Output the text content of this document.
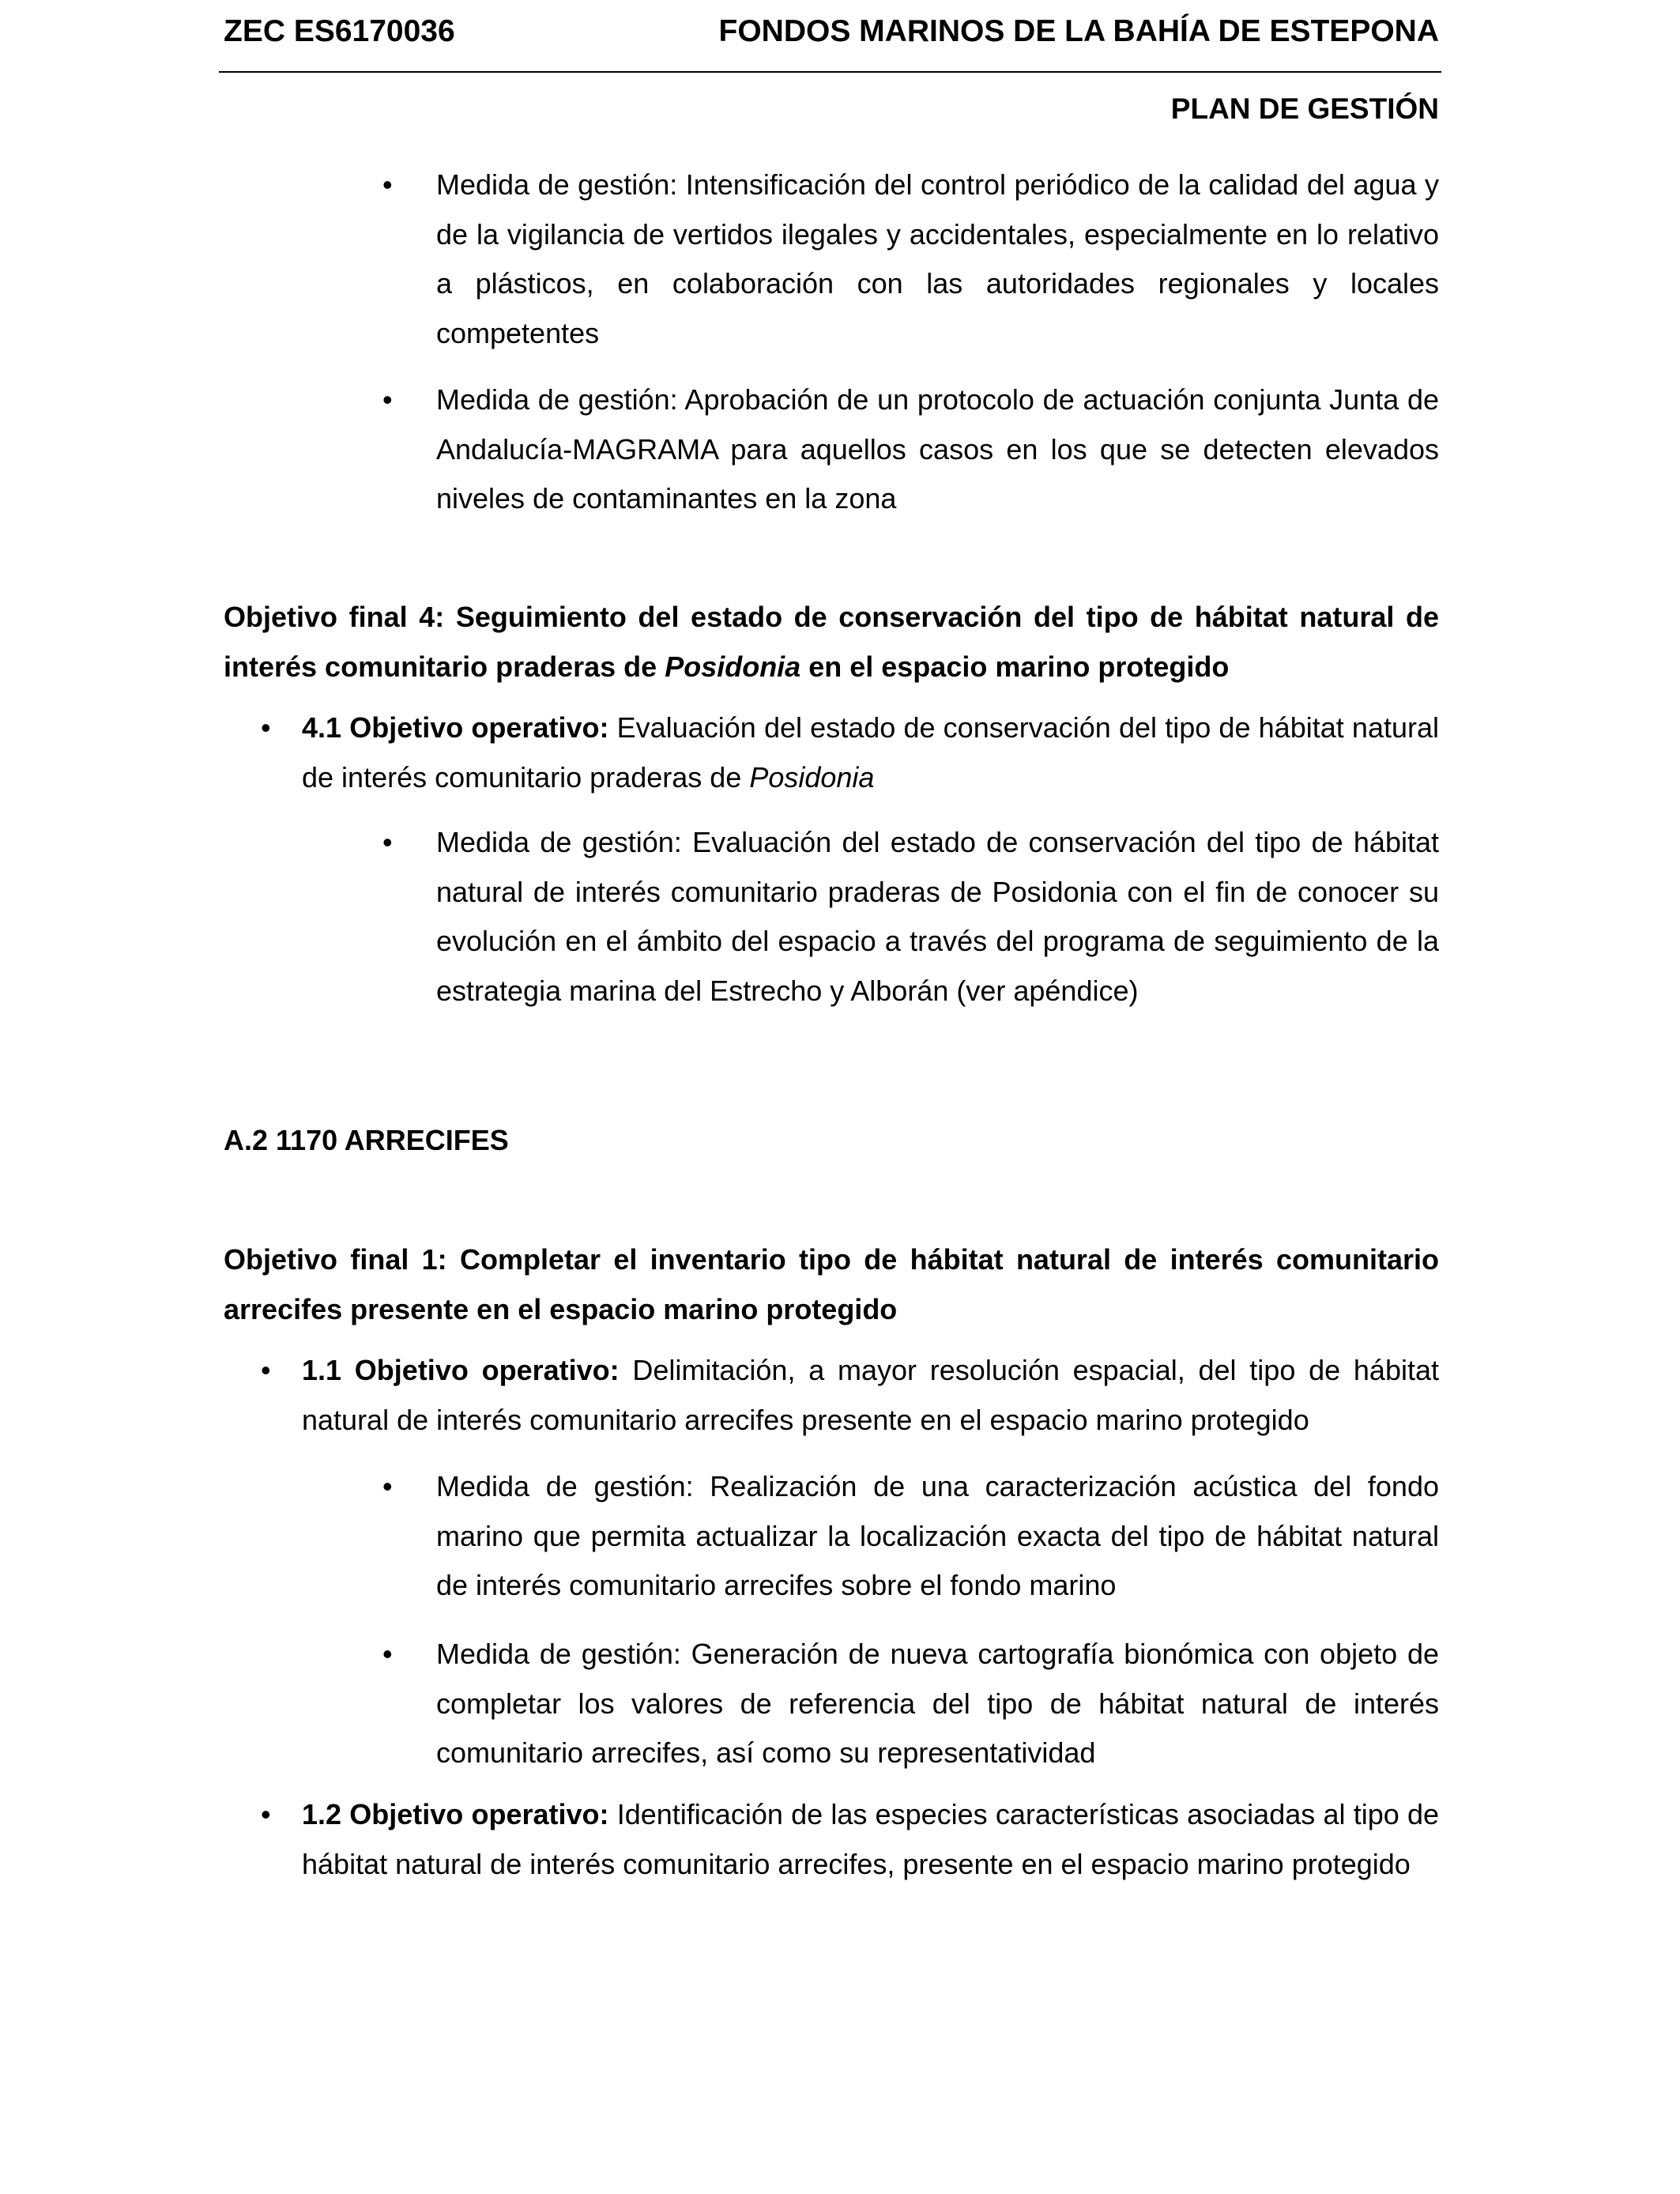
ZEC ES6170036	FONDOS MARINOS DE LA BAHÍA DE ESTEPONA
PLAN DE GESTIÓN
• Medida de gestión: Intensificación del control periódico de la calidad del agua y de la vigilancia de vertidos ilegales y accidentales, especialmente en lo relativo a plásticos, en colaboración con las autoridades regionales y locales competentes
• Medida de gestión: Aprobación de un protocolo de actuación conjunta Junta de Andalucía-MAGRAMA para aquellos casos en los que se detecten elevados niveles de contaminantes en la zona
Objetivo final 4: Seguimiento del estado de conservación del tipo de hábitat natural de interés comunitario praderas de Posidonia en el espacio marino protegido
• 4.1 Objetivo operativo: Evaluación del estado de conservación del tipo de hábitat natural de interés comunitario praderas de Posidonia
• Medida de gestión: Evaluación del estado de conservación del tipo de hábitat natural de interés comunitario praderas de Posidonia con el fin de conocer su evolución en el ámbito del espacio a través del programa de seguimiento de la estrategia marina del Estrecho y Alborán (ver apéndice)
A.2 1170 ARRECIFES
Objetivo final 1: Completar el inventario tipo de hábitat natural de interés comunitario arrecifes presente en el espacio marino protegido
• 1.1 Objetivo operativo: Delimitación, a mayor resolución espacial, del tipo de hábitat natural de interés comunitario arrecifes presente en el espacio marino protegido
• Medida de gestión: Realización de una caracterización acústica del fondo marino que permita actualizar la localización exacta del tipo de hábitat natural de interés comunitario arrecifes sobre el fondo marino
• Medida de gestión: Generación de nueva cartografía bionómica con objeto de completar los valores de referencia del tipo de hábitat natural de interés comunitario arrecifes, así como su representatividad
• 1.2 Objetivo operativo: Identificación de las especies características asociadas al tipo de hábitat natural de interés comunitario arrecifes, presente en el espacio marino protegido
